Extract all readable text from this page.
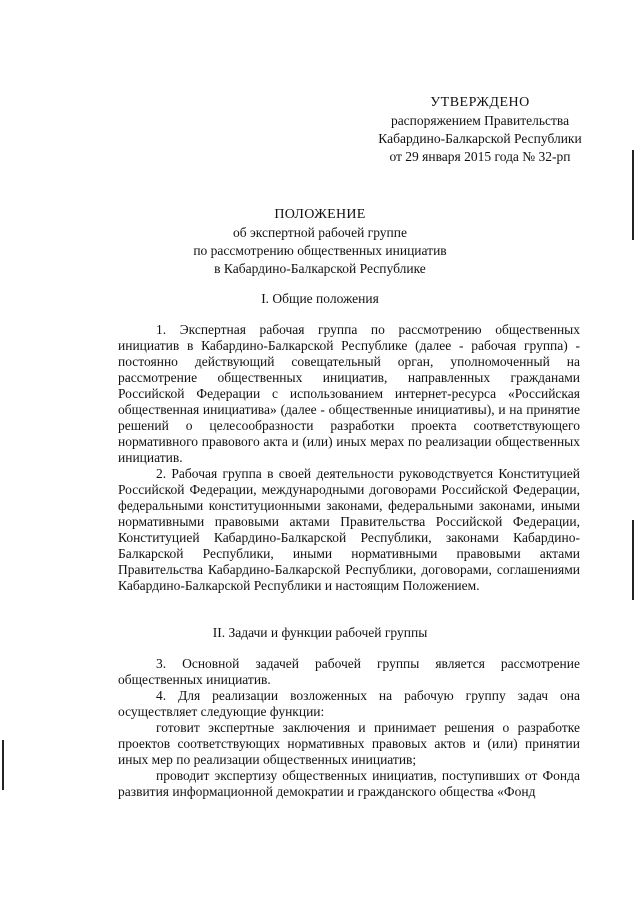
УТВЕРЖДЕНО
распоряжением Правительства
Кабардино-Балкарской Республики
от 29 января 2015 года № 32-рп
ПОЛОЖЕНИЕ
об экспертной рабочей группе
по рассмотрению общественных инициатив
в Кабардино-Балкарской Республике
I. Общие положения

1. Экспертная рабочая группа по рассмотрению общественных инициатив в Кабардино-Балкарской Республике (далее - рабочая группа) - постоянно действующий совещательный орган, уполномоченный на рассмотрение общественных инициатив, направленных гражданами Российской Федерации с использованием интернет-ресурса «Российская общественная инициатива» (далее - общественные инициативы), и на принятие решений о целесообразности разработки проекта соответствующего нормативного правового акта и (или) иных мерах по реализации общественных инициатив.

2. Рабочая группа в своей деятельности руководствуется Конституцией Российской Федерации, международными договорами Российской Федерации, федеральными конституционными законами, федеральными законами, иными нормативными правовыми актами Правительства Российской Федерации, Конституцией Кабардино-Балкарской Республики, законами Кабардино-Балкарской Республики, иными нормативными правовыми актами Правительства Кабардино-Балкарской Республики, договорами, соглашениями Кабардино-Балкарской Республики и настоящим Положением.

II. Задачи и функции рабочей группы

3. Основной задачей рабочей группы является рассмотрение общественных инициатив.

4. Для реализации возложенных на рабочую группу задач она осуществляет следующие функции:

готовит экспертные заключения и принимает решения о разработке проектов соответствующих нормативных правовых актов и (или) принятии иных мер по реализации общественных инициатив;

проводит экспертизу общественных инициатив, поступивших от Фонда развития информационной демократии и гражданского общества «Фонд
